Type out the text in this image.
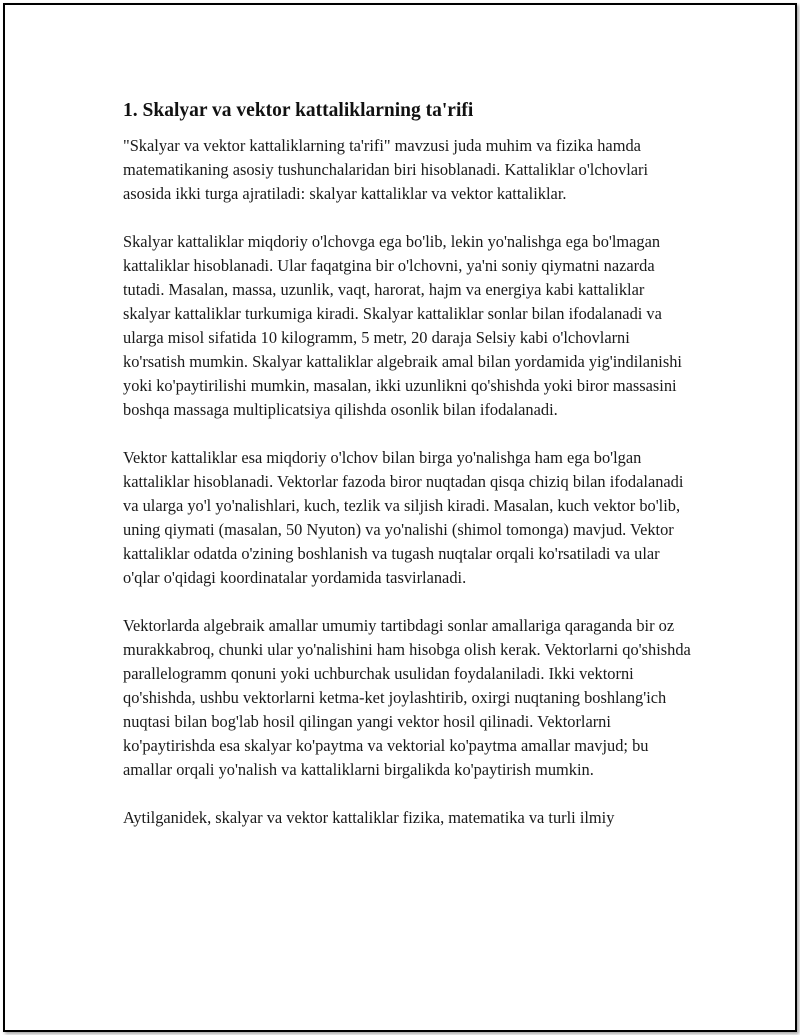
1. Skalyar va vektor kattaliklarning ta'rifi

"Skalyar va vektor kattaliklarning ta'rifi" mavzusi juda muhim va fizika hamda matematikaning asosiy tushunchalaridan biri hisoblanadi. Kattaliklar o'lchovlari asosida ikki turga ajratiladi: skalyar kattaliklar va vektor kattaliklar.

Skalyar kattaliklar miqdoriy o'lchovga ega bo'lib, lekin yo'nalishga ega bo'lmagan kattaliklar hisoblanadi. Ular faqatgina bir o'lchovni, ya'ni soniy qiymatni nazarda tutadi. Masalan, massa, uzunlik, vaqt, harorat, hajm va energiya kabi kattaliklar skalyar kattaliklar turkumiga kiradi. Skalyar kattaliklar sonlar bilan ifodalanadi va ularga misol sifatida 10 kilogramm, 5 metr, 20 daraja Selsiy kabi o'lchovlarni ko'rsatish mumkin. Skalyar kattaliklar algebraik amal bilan yordamida yig'indilanishi yoki ko'paytirilishi mumkin, masalan, ikki uzunlikni qo'shishda yoki biror massasini boshqa massaga multiplicatsiya qilishda osonlik bilan ifodalanadi.

Vektor kattaliklar esa miqdoriy o'lchov bilan birga yo'nalishga ham ega bo'lgan kattaliklar hisoblanadi. Vektorlar fazoda biror nuqtadan qisqa chiziq bilan ifodalanadi va ularga yo'l yo'nalishlari, kuch, tezlik va siljish kiradi. Masalan, kuch vektor bo'lib, uning qiymati (masalan, 50 Nyuton) va yo'nalishi (shimol tomonga) mavjud. Vektor kattaliklar odatda o'zining boshlanish va tugash nuqtalar orqali ko'rsatiladi va ular o'qlar o'qidagi koordinatalar yordamida tasvirlanadi.

Vektorlarda algebraik amallar umumiy tartibdagi sonlar amallariga qaraganda bir oz murakkabroq, chunki ular yo'nalishini ham hisobga olish kerak. Vektorlarni qo'shishda parallelogramm qonuni yoki uchburchak usulidan foydalaniladi. Ikki vektorni qo'shishda, ushbu vektorlarni ketma-ket joylashtirib, oxirgi nuqtaning boshlang'ich nuqtasi bilan bog'lab hosil qilingan yangi vektor hosil qilinadi. Vektorlarni ko'paytirishda esa skalyar ko'paytma va vektorial ko'paytma amallar mavjud; bu amallar orqali yo'nalish va kattaliklarni birgalikda ko'paytirish mumkin.

Aytilganidek, skalyar va vektor kattaliklar fizika, matematika va turli ilmiy
